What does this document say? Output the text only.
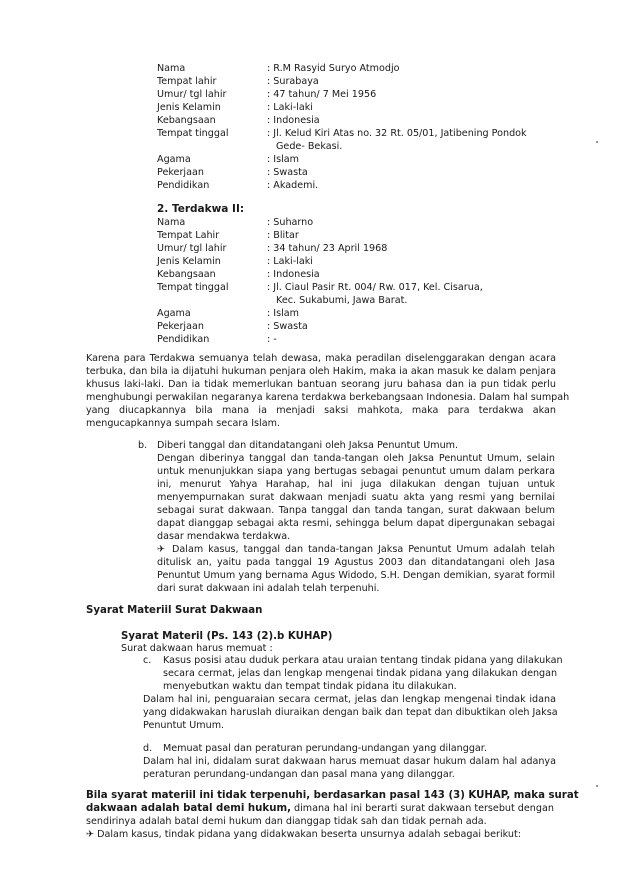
Nama	: R.M Rasyid Suryo Atmodjo
Tempat lahir	: Surabaya
Umur/ tgl lahir	: 47 tahun/ 7 Mei 1956
Jenis Kelamin	: Laki-laki
Kebangsaan	: Indonesia
Tempat tinggal	: Jl. Kelud Kiri Atas no. 32 Rt. 05/01, Jatibening Pondok
Gede- Bekasi.
Agama	: Islam
Pekerjaan	: Swasta
Pendidikan	: Akademi.
2. Terdakwa II:
Nama	: Suharno
Tempat Lahir	: Blitar
Umur/ tgl lahir	: 34 tahun/ 23 April 1968
Jenis Kelamin	: Laki-laki
Kebangsaan	: Indonesia
Tempat tinggal	: Jl. Ciaul Pasir Rt. 004/ Rw. 017, Kel. Cisarua,
Kec. Sukabumi, Jawa Barat.
Agama	: Islam
Pekerjaan	: Swasta
Pendidikan	: -
Karena para Terdakwa semuanya telah dewasa, maka peradilan diselenggarakan dengan acara
terbuka, dan bila ia dijatuhi hukuman penjara oleh Hakim, maka ia akan masuk ke dalam penjara
khusus laki-laki. Dan ia tidak memerlukan bantuan seorang juru bahasa dan ia pun tidak perlu
menghubungi perwakilan negaranya karena terdakwa berkebangsaan Indonesia. Dalam hal sumpah
yang diucapkannya bila mana ia menjadi saksi mahkota, maka para terdakwa akan
mengucapkannya sumpah secara Islam.
b. Diberi tanggal dan ditandatangani oleh Jaksa Penuntut Umum.
Dengan diberinya tanggal dan tanda-tangan oleh Jaksa Penuntut Umum, selain
untuk menunjukkan siapa yang bertugas sebagai penuntut umum dalam perkara
ini, menurut Yahya Harahap, hal ini juga dilakukan dengan tujuan untuk
menyempurnakan surat dakwaan menjadi suatu akta yang resmi yang bernilai
sebagai surat dakwaan. Tanpa tanggal dan tanda tangan, surat dakwaan belum
dapat dianggap sebagai akta resmi, sehingga belum dapat dipergunakan sebagai
dasar mendakwa terdakwa.
✈ Dalam kasus, tanggal dan tanda-tangan Jaksa Penuntut Umum adalah telah
ditulisk an, yaitu pada tanggal 19 Agustus 2003 dan ditandatangani oleh Jasa
Penuntut Umum yang bernama Agus Widodo, S.H. Dengan demikian, syarat formil
dari surat dakwaan ini adalah telah terpenuhi.
Syarat Materiil Surat Dakwaan
Syarat Materil (Ps. 143 (2).b KUHAP)
Surat dakwaan harus memuat :
c. Kasus posisi atau duduk perkara atau uraian tentang tindak pidana yang dilakukan
secara cermat, jelas dan lengkap mengenai tindak pidana yang dilakukan dengan
menyebutkan waktu dan tempat tindak pidana itu dilakukan.
Dalam hal ini, penguaraian secara cermat, jelas dan lengkap mengenai tindak idana
yang didakwakan haruslah diuraikan dengan baik dan tepat dan dibuktikan oleh Jaksa
Penuntut Umum.
d. Memuat pasal dan peraturan perundang-undangan yang dilanggar.
Dalam hal ini, didalam surat dakwaan harus memuat dasar hukum dalam hal adanya
peraturan perundang-undangan dan pasal mana yang dilanggar.
Bila syarat materiil ini tidak terpenuhi, berdasarkan pasal 143 (3) KUHAP, maka surat
dakwaan adalah batal demi hukum, dimana hal ini berarti surat dakwaan tersebut dengan
sendirinya adalah batal demi hukum dan dianggap tidak sah dan tidak pernah ada.
✈ Dalam kasus, tindak pidana yang didakwakan beserta unsurnya adalah sebagai berikut:
